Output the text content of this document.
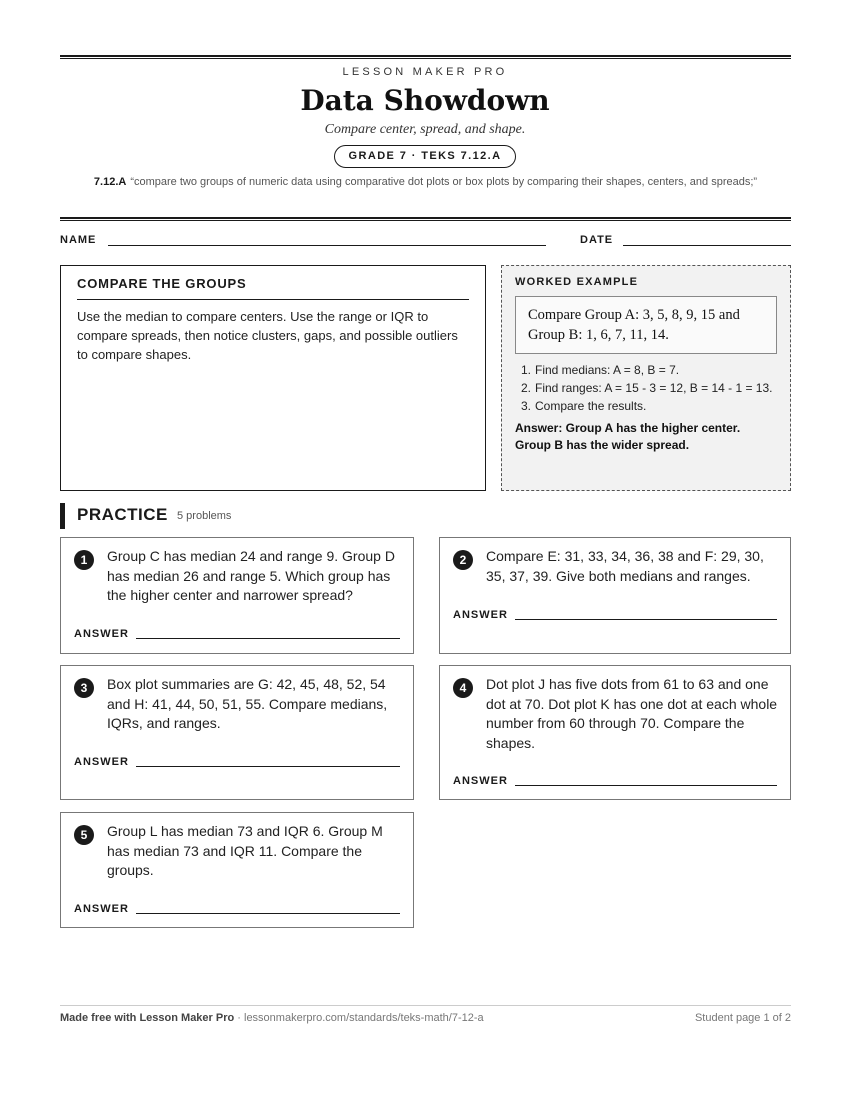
LESSON MAKER PRO
Data Showdown
Compare center, spread, and shape.
GRADE 7 · TEKS 7.12.A
7.12.A “compare two groups of numeric data using comparative dot plots or box plots by comparing their shapes, centers, and spreads;”
NAME	DATE
COMPARE THE GROUPS

Use the median to compare centers. Use the range or IQR to compare spreads, then notice clusters, gaps, and possible outliers to compare shapes.

WORKED EXAMPLE
Compare Group A: 3, 5, 8, 9, 15 and Group B: 1, 6, 7, 11, 14.
1. Find medians: A = 8, B = 7.
2. Find ranges: A = 15 - 3 = 12, B = 14 - 1 = 13.
3. Compare the results.
Answer: Group A has the higher center. Group B has the wider spread.
PRACTICE 5 problems
1	Group C has median 24 and range 9. Group D has median 26 and range 5. Which group has the higher center and narrower spread?
ANSWER
2	Compare E: 31, 33, 34, 36, 38 and F: 29, 30, 35, 37, 39. Give both medians and ranges.
ANSWER
3	Box plot summaries are G: 42, 45, 48, 52, 54 and H: 41, 44, 50, 51, 55. Compare medians, IQRs, and ranges.
ANSWER
4	Dot plot J has five dots from 61 to 63 and one dot at 70. Dot plot K has one dot at each whole number from 60 through 70. Compare the shapes.
ANSWER
5	Group L has median 73 and IQR 6. Group M has median 73 and IQR 11. Compare the groups.
ANSWER
Made free with Lesson Maker Pro · lessonmakerpro.com/standards/teks-math/7-12-a	Student page 1 of 2
